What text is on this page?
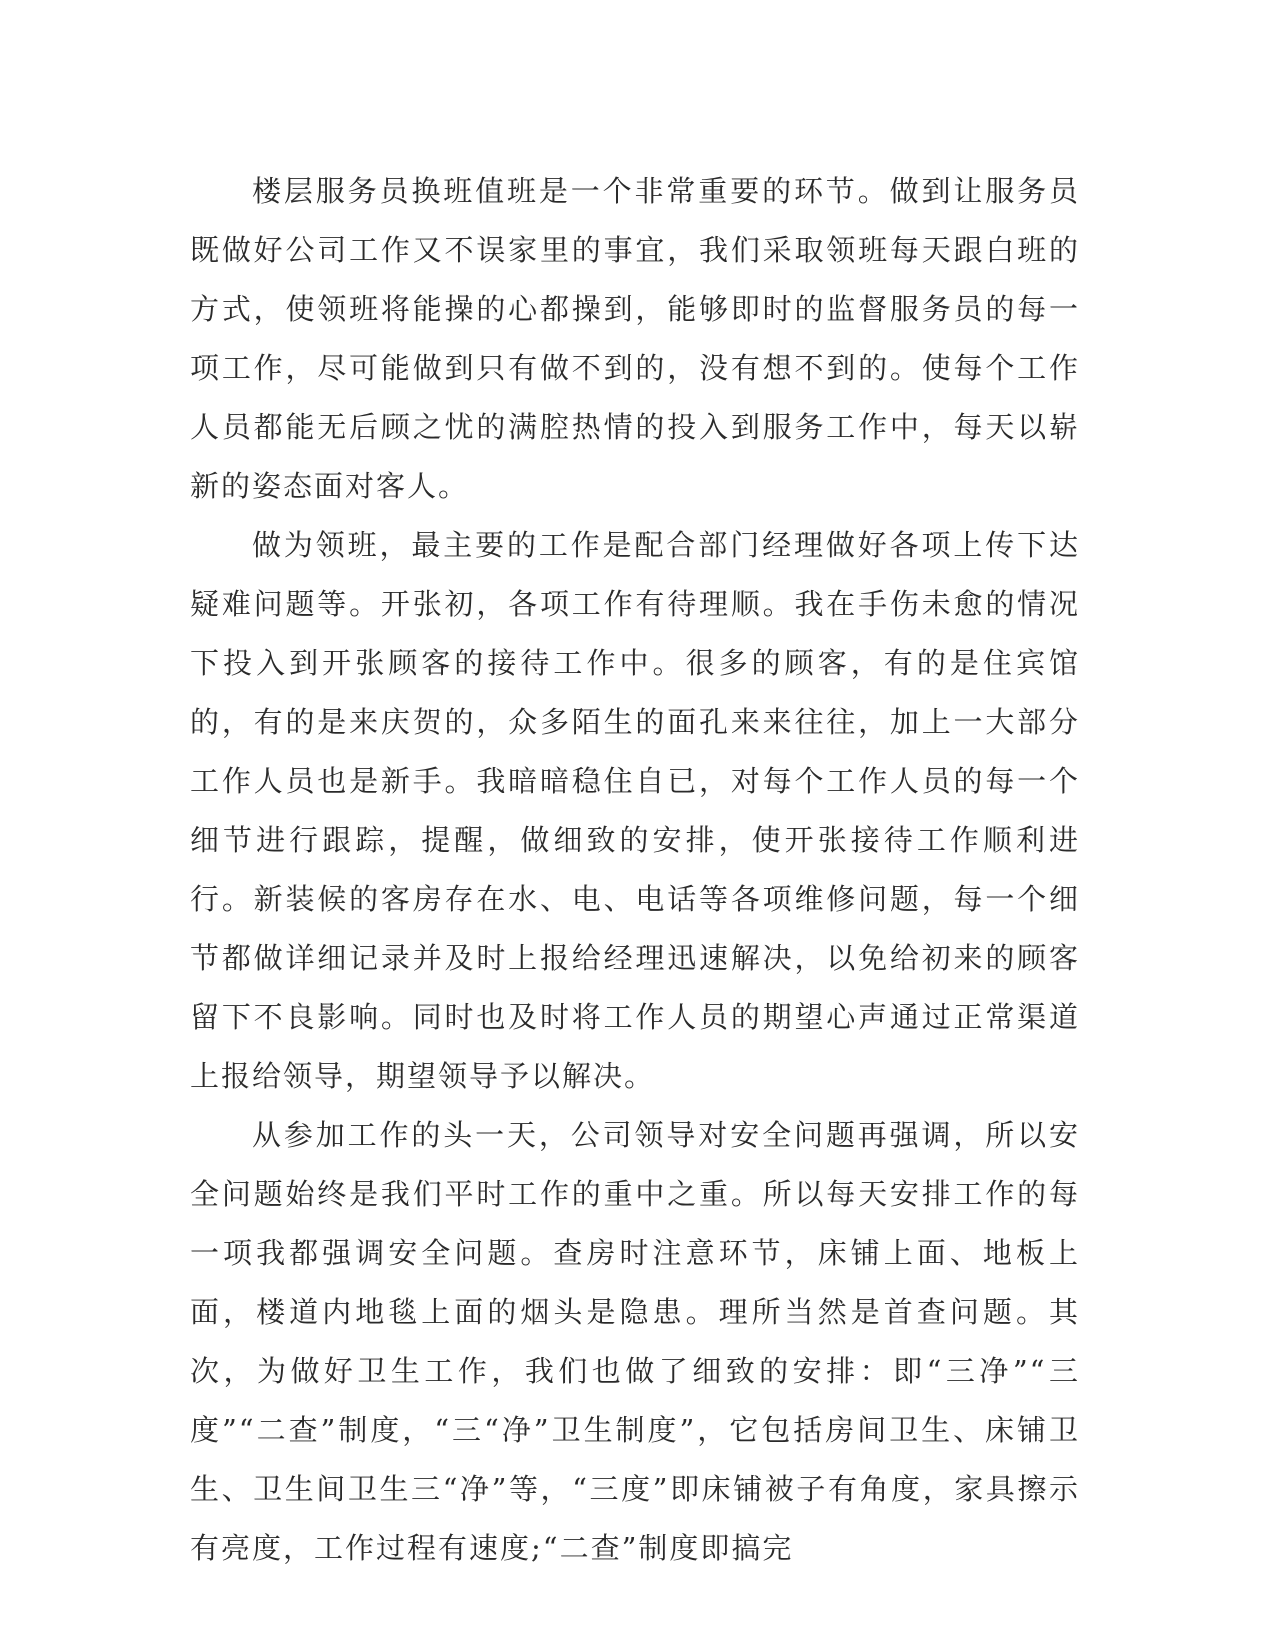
楼层服务员换班值班是一个非常重要的环节。做到让服务员既做好公司工作又不误家里的事宜，我们采取领班每天跟白班的方式，使领班将能操的心都操到，能够即时的监督服务员的每一项工作，尽可能做到只有做不到的，没有想不到的。使每个工作人员都能无后顾之忧的满腔热情的投入到服务工作中，每天以崭新的姿态面对客人。

做为领班，最主要的工作是配合部门经理做好各项上传下达疑难问题等。开张初，各项工作有待理顺。我在手伤未愈的情况下投入到开张顾客的接待工作中。很多的顾客，有的是住宾馆的，有的是来庆贺的，众多陌生的面孔来来往往，加上一大部分工作人员也是新手。我暗暗稳住自已，对每个工作人员的每一个细节进行跟踪，提醒，做细致的安排，使开张接待工作顺利进行。新装候的客房存在水、电、电话等各项维修问题，每一个细节都做详细记录并及时上报给经理迅速解决，以免给初来的顾客留下不良影响。同时也及时将工作人员的期望心声通过正常渠道上报给领导，期望领导予以解决。

从参加工作的头一天，公司领导对安全问题再强调，所以安全问题始终是我们平时工作的重中之重。所以每天安排工作的每一项我都强调安全问题。查房时注意环节，床铺上面、地板上面，楼道内地毯上面的烟头是隐患。理所当然是首查问题。其次，为做好卫生工作，我们也做了细致的安排：即“三净”“三度”“二查”制度，“三“净”卫生制度”，它包括房间卫生、床铺卫生、卫生间卫生三“净”等，“三度”即床铺被子有角度，家具擦示有亮度，工作过程有速度;“二查”制度即搞完
